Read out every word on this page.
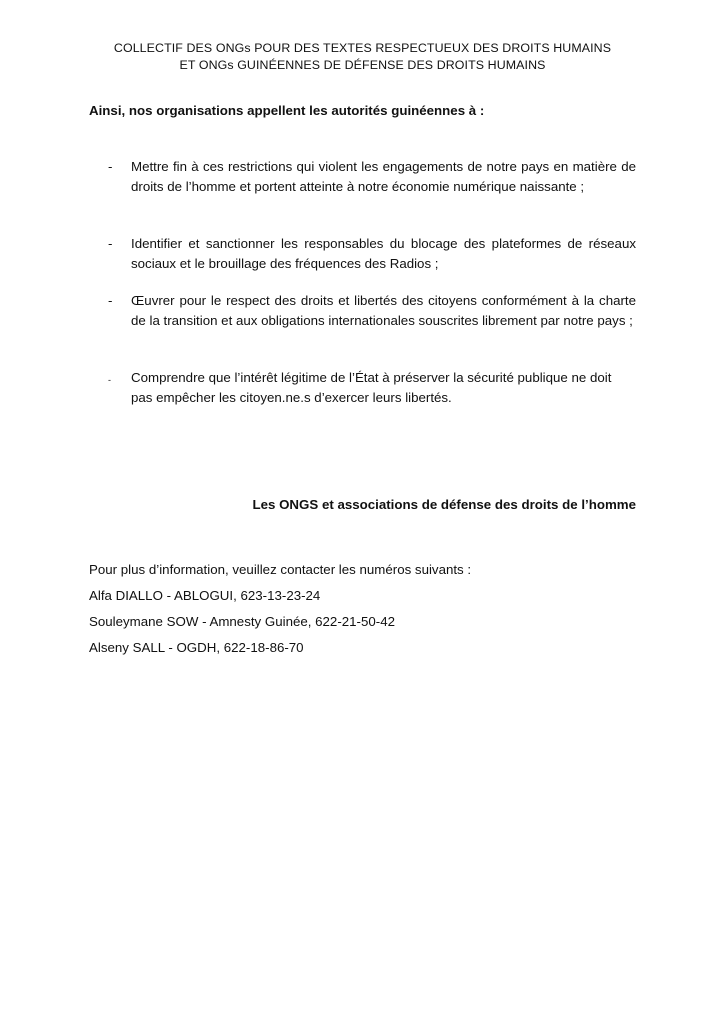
COLLECTIF DES ONGs POUR DES TEXTES RESPECTUEUX DES DROITS HUMAINS
ET ONGs GUINÉENNES DE DÉFENSE DES DROITS HUMAINS
Ainsi, nos organisations appellent les autorités guinéennes à :
- Mettre fin à ces restrictions qui violent les engagements de notre pays en matière de droits de l’homme et portent atteinte à notre économie numérique naissante ;
- Identifier et sanctionner les responsables du blocage des plateformes de réseaux sociaux et le brouillage des fréquences des Radios ;
- Œuvrer pour le respect des droits et libertés des citoyens conformément à la charte de la transition et aux obligations internationales souscrites librement par notre pays ;
- Comprendre que l’intérêt légitime de l’État à préserver la sécurité publique ne doit pas empêcher les citoyen.ne.s d’exercer leurs libertés.
Les ONGS et associations de défense des droits de l’homme
Pour plus d’information, veuillez contacter les numéros suivants :
Alfa DIALLO - ABLOGUI, 623-13-23-24
Souleymane SOW - Amnesty Guinée, 622-21-50-42
Alseny SALL - OGDH, 622-18-86-70
